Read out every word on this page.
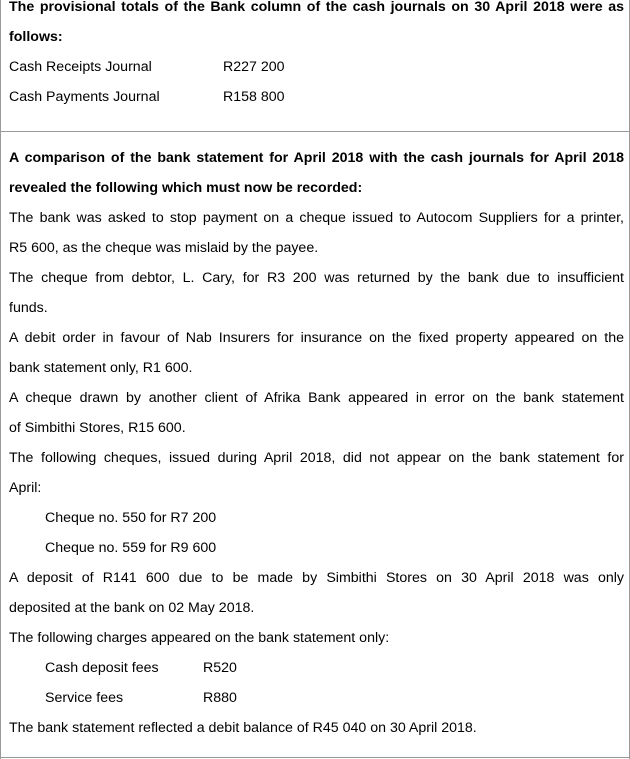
The provisional totals of the Bank column of the cash journals on 30 April 2018 were as
follows:
Cash Receipts Journal	R227 200
Cash Payments Journal	R158 800
A comparison of the bank statement for April 2018 with the cash journals for April 2018
revealed the following which must now be recorded:
The bank was asked to stop payment on a cheque issued to Autocom Suppliers for a printer,
R5 600, as the cheque was mislaid by the payee.
The cheque from debtor, L. Cary, for R3 200 was returned by the bank due to insufficient
funds.
A debit order in favour of Nab Insurers for insurance on the fixed property appeared on the
bank statement only, R1 600.
A cheque drawn by another client of Afrika Bank appeared in error on the bank statement
of Simbithi Stores, R15 600.
The following cheques, issued during April 2018, did not appear on the bank statement for
April:
Cheque no. 550 for R7 200
Cheque no. 559 for R9 600
A deposit of R141 600 due to be made by Simbithi Stores on 30 April 2018 was only
deposited at the bank on 02 May 2018.
The following charges appeared on the bank statement only:
Cash deposit fees	R520
Service fees	R880
The bank statement reflected a debit balance of R45 040 on 30 April 2018.
